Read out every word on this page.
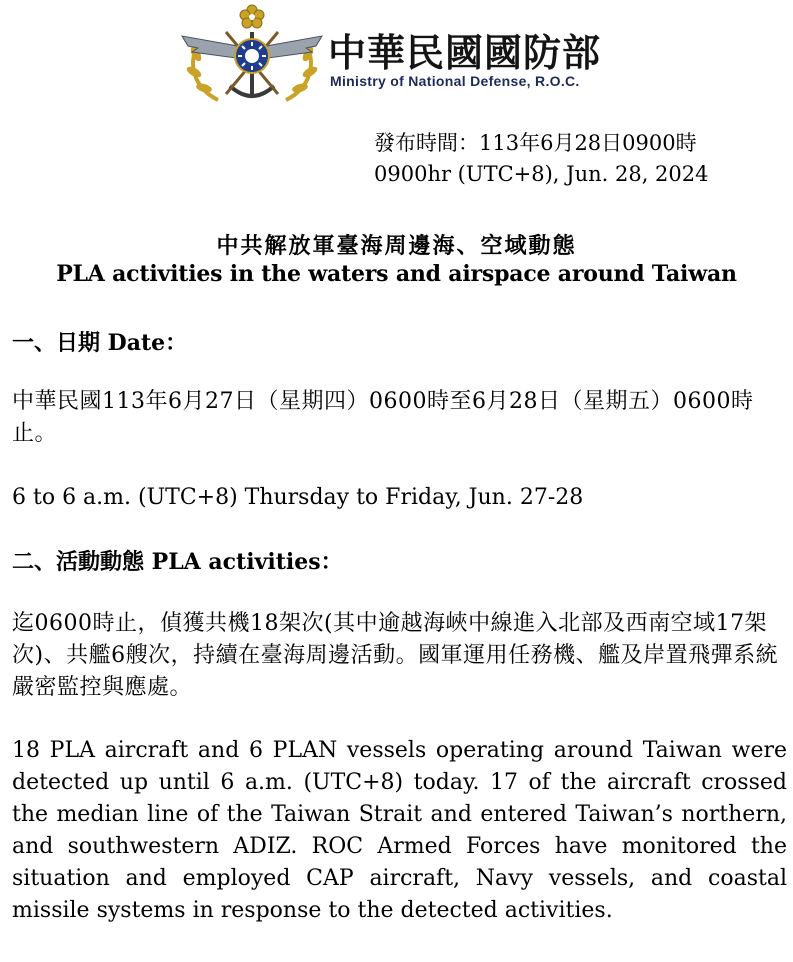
中華民國國防部
Ministry of National Defense, R.O.C.
發布時間：113年6月28日0900時
0900hr (UTC+8), Jun. 28, 2024
中共解放軍臺海周邊海、空域動態
PLA activities in the waters and airspace around Taiwan
一、日期 Date：
中華民國113年6月27日（星期四）0600時至6月28日（星期五）0600時止。
6 to 6 a.m. (UTC+8) Thursday to Friday, Jun. 27-28
二、活動動態 PLA activities：
迄0600時止，偵獲共機18架次(其中逾越海峽中線進入北部及西南空域17架次)、共艦6艘次，持續在臺海周邊活動。國軍運用任務機、艦及岸置飛彈系統嚴密監控與應處。
18 PLA aircraft and 6 PLAN vessels operating around Taiwan were detected up until 6 a.m. (UTC+8) today. 17 of the aircraft crossed the median line of the Taiwan Strait and entered Taiwan’s northern, and southwestern ADIZ. ROC Armed Forces have monitored the situation and employed CAP aircraft, Navy vessels, and coastal missile systems in response to the detected activities.
